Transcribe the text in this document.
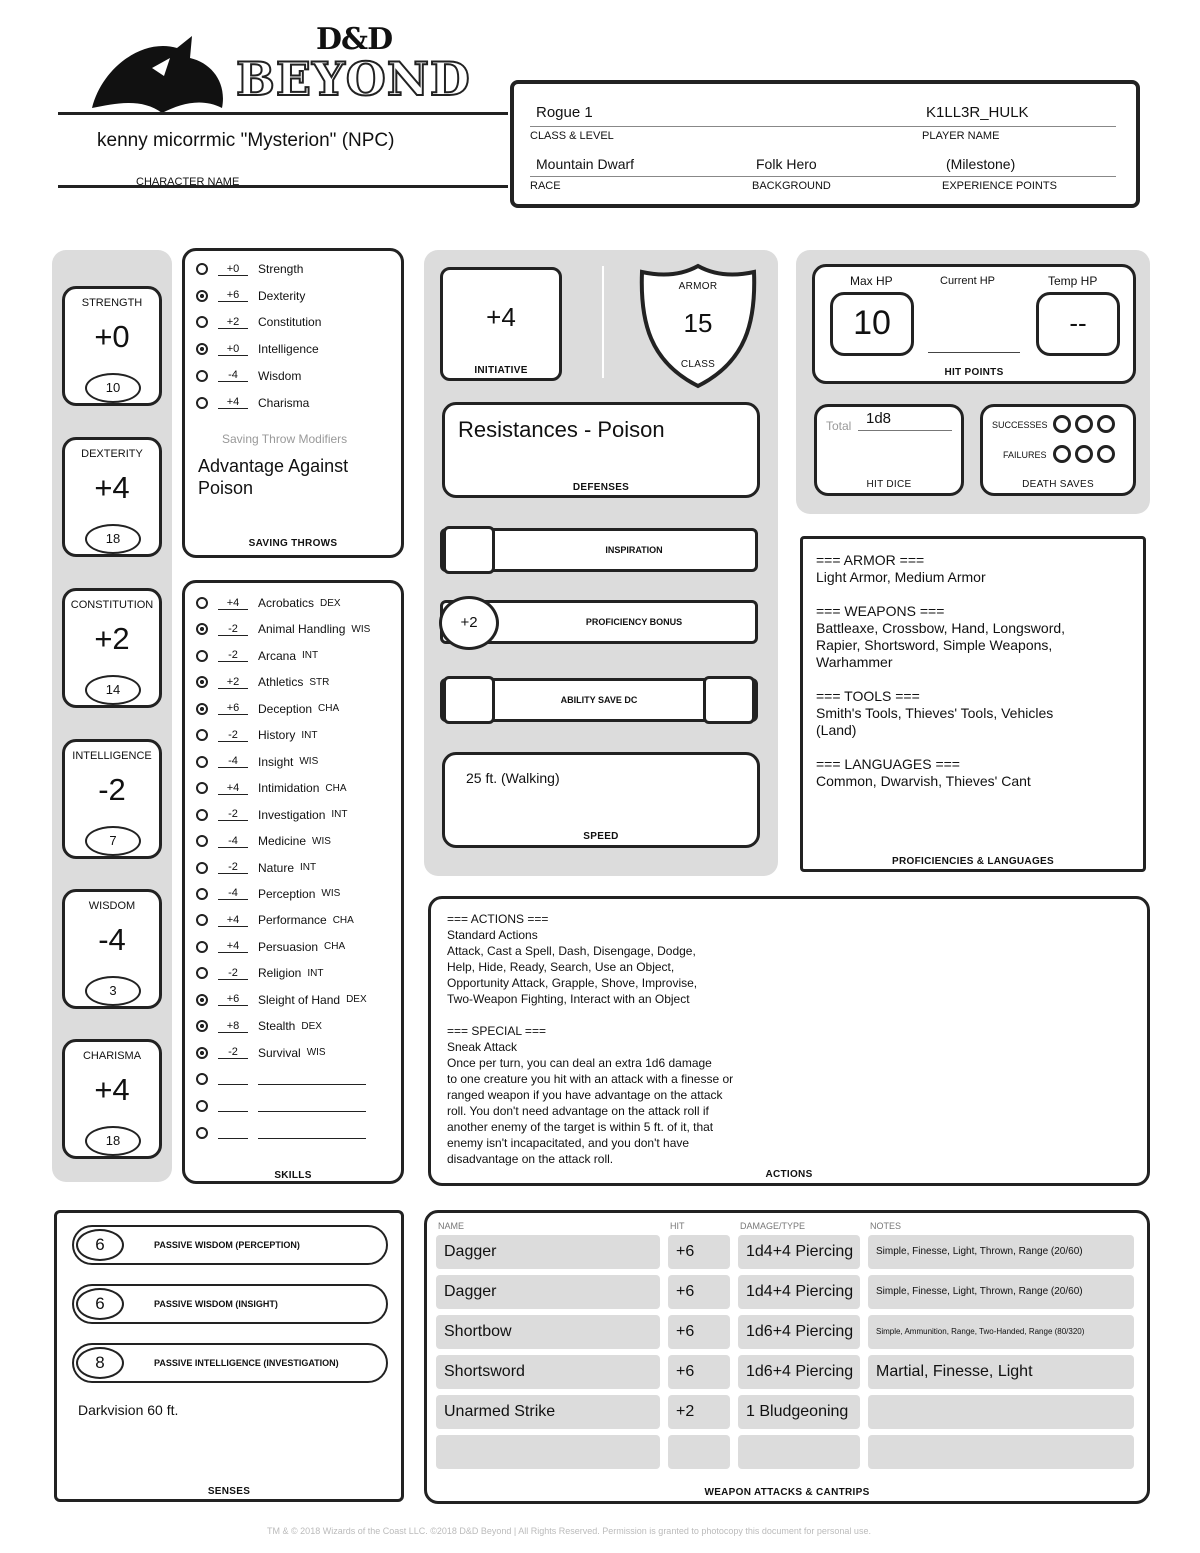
D&D
BEYOND
kenny micorrmic "Mysterion" (NPC)
CHARACTER NAME
Rogue 1	K1LL3R_HULK
CLASS & LEVEL	PLAYER NAME
Mountain Dwarf	Folk Hero	(Milestone)
RACE	BACKGROUND	EXPERIENCE POINTS
STRENGTH
+0
10
DEXTERITY
+4
18
CONSTITUTION
+2
14
INTELLIGENCE
-2
7
WISDOM
-4
3
CHARISMA
+4
18
+0	Strength
+6	Dexterity
+2	Constitution
+0	Intelligence
-4	Wisdom
+4	Charisma
Saving Throw Modifiers
Advantage Against Poison
SAVING THROWS
+4	Acrobatics DEX
-2	Animal Handling WIS
-2	Arcana INT
+2	Athletics STR
+6	Deception CHA
-2	History INT
-4	Insight WIS
+4	Intimidation CHA
-2	Investigation INT
-4	Medicine WIS
-2	Nature INT
-4	Perception WIS
+4	Performance CHA
+4	Persuasion CHA
-2	Religion INT
+6	Sleight of Hand DEX
+8	Stealth DEX
-2	Survival WIS
SKILLS
+4
INITIATIVE
ARMOR
15
CLASS
Resistances - Poison
DEFENSES
INSPIRATION
+2	PROFICIENCY BONUS
ABILITY SAVE DC
25 ft. (Walking)
SPEED
Max HP	Current HP	Temp HP
10	--
HIT POINTS
Total 1d8
HIT DICE
SUCCESSES
FAILURES
DEATH SAVES
=== ARMOR ===
Light Armor, Medium Armor

=== WEAPONS ===
Battleaxe, Crossbow, Hand, Longsword,
Rapier, Shortsword, Simple Weapons,
Warhammer

=== TOOLS ===
Smith's Tools, Thieves' Tools, Vehicles
(Land)

=== LANGUAGES ===
Common, Dwarvish, Thieves' Cant
PROFICIENCIES & LANGUAGES
=== ACTIONS ===
Standard Actions
Attack, Cast a Spell, Dash, Disengage, Dodge,
Help, Hide, Ready, Search, Use an Object,
Opportunity Attack, Grapple, Shove, Improvise,
Two-Weapon Fighting, Interact with an Object

=== SPECIAL ===
Sneak Attack
Once per turn, you can deal an extra 1d6 damage
to one creature you hit with an attack with a finesse or
ranged weapon if you have advantage on the attack
roll. You don't need advantage on the attack roll if
another enemy of the target is within 5 ft. of it, that
enemy isn't incapacitated, and you don't have
disadvantage on the attack roll.
ACTIONS
6	PASSIVE WISDOM (PERCEPTION)
6	PASSIVE WISDOM (INSIGHT)
8	PASSIVE INTELLIGENCE (INVESTIGATION)
Darkvision 60 ft.
SENSES
NAME	HIT	DAMAGE/TYPE	NOTES
Dagger	+6	1d4+4 Piercing	Simple, Finesse, Light, Thrown, Range (20/60)
Dagger	+6	1d4+4 Piercing	Simple, Finesse, Light, Thrown, Range (20/60)
Shortbow	+6	1d6+4 Piercing	Simple, Ammunition, Range, Two-Handed, Range (80/320)
Shortsword	+6	1d6+4 Piercing	Martial, Finesse, Light
Unarmed Strike	+2	1 Bludgeoning
WEAPON ATTACKS & CANTRIPS
TM & © 2018 Wizards of the Coast LLC. ©2018 D&D Beyond | All Rights Reserved. Permission is granted to photocopy this document for personal use.
